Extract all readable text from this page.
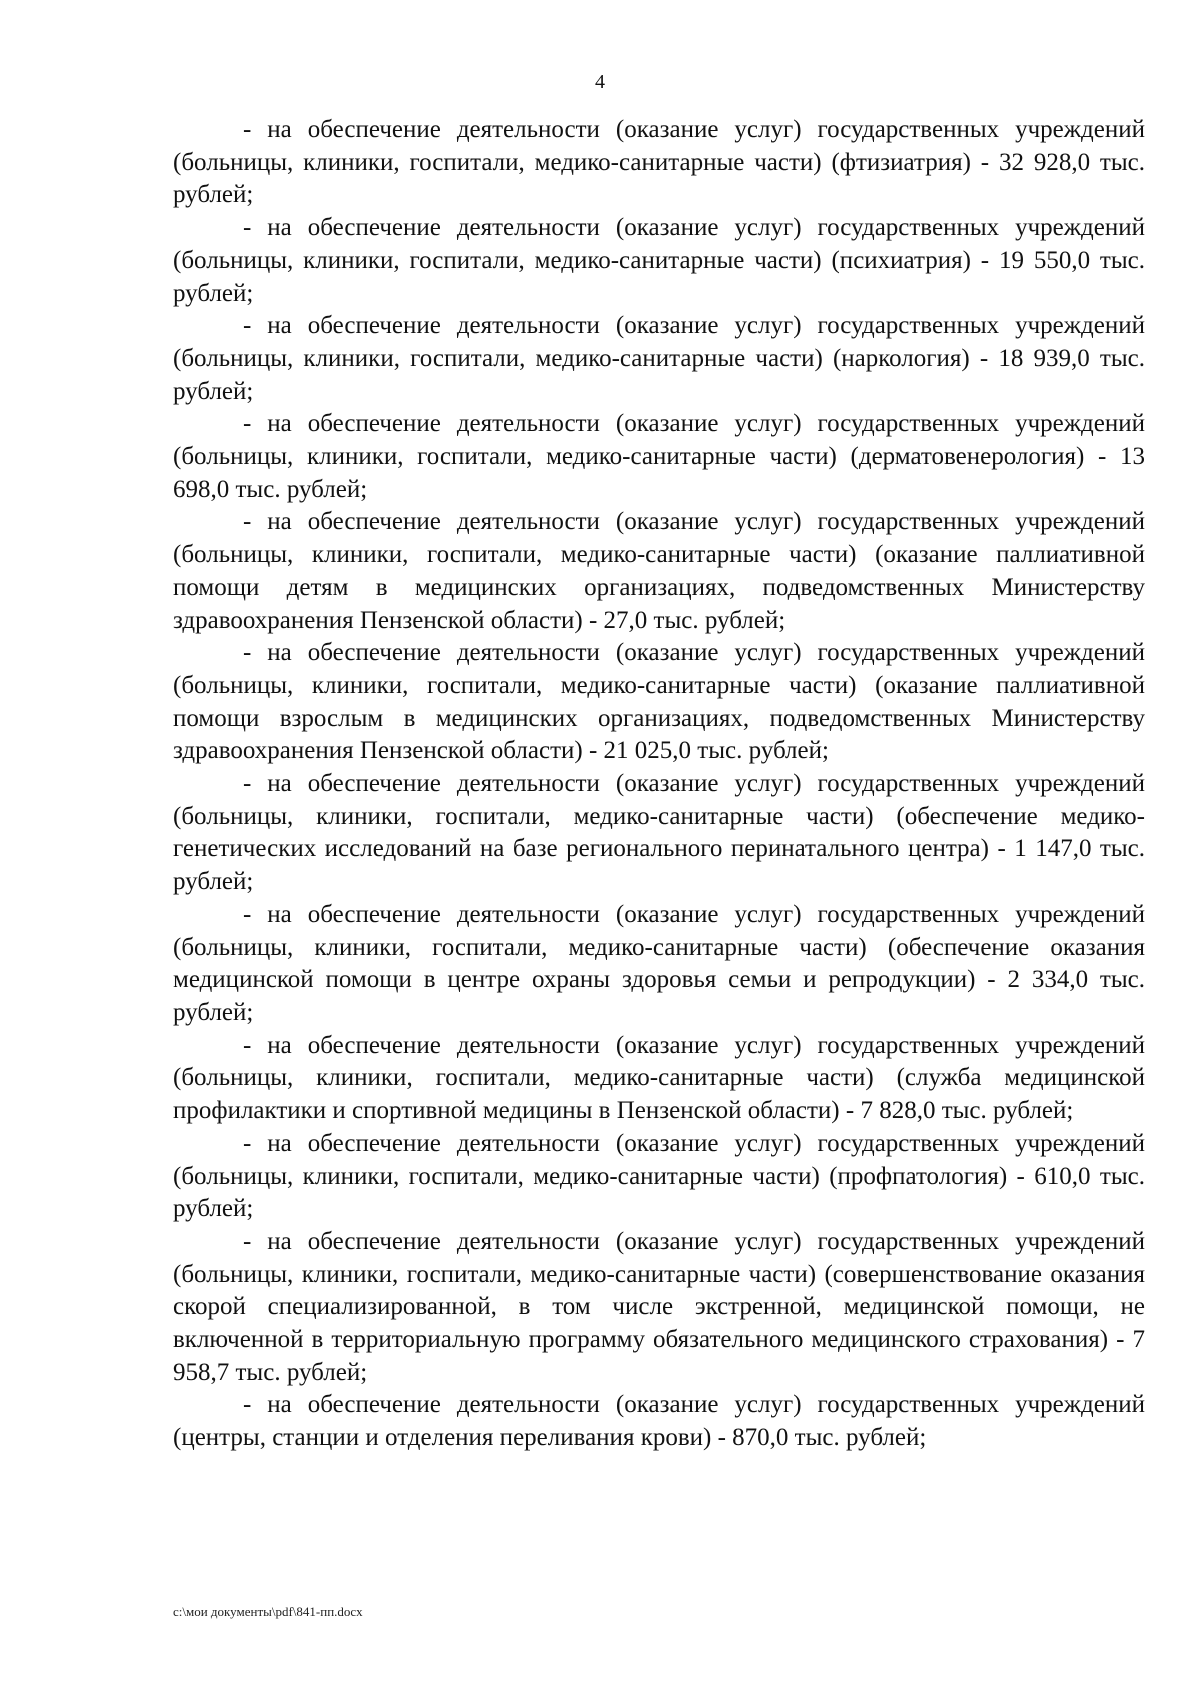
4

- на обеспечение деятельности (оказание услуг) государственных учреждений (больницы, клиники, госпитали, медико-санитарные части) (фтизиатрия) - 32 928,0 тыс. рублей;

- на обеспечение деятельности (оказание услуг) государственных учреждений (больницы, клиники, госпитали, медико-санитарные части) (психиатрия) - 19 550,0 тыс. рублей;

- на обеспечение деятельности (оказание услуг) государственных учреждений (больницы, клиники, госпитали, медико-санитарные части) (наркология) - 18 939,0 тыс. рублей;

- на обеспечение деятельности (оказание услуг) государственных учреждений (больницы, клиники, госпитали, медико-санитарные части) (дерматовенерология) - 13 698,0 тыс. рублей;

- на обеспечение деятельности (оказание услуг) государственных учреждений (больницы, клиники, госпитали, медико-санитарные части) (оказание паллиативной помощи детям в медицинских организациях, подведомственных Министерству здравоохранения Пензенской области) - 27,0 тыс. рублей;

- на обеспечение деятельности (оказание услуг) государственных учреждений (больницы, клиники, госпитали, медико-санитарные части) (оказание паллиативной помощи взрослым в медицинских организациях, подведомственных Министерству здравоохранения Пензенской области) - 21 025,0 тыс. рублей;

- на обеспечение деятельности (оказание услуг) государственных учреждений (больницы, клиники, госпитали, медико-санитарные части) (обеспечение медико-генетических исследований на базе регионального перинатального центра) - 1 147,0 тыс. рублей;

- на обеспечение деятельности (оказание услуг) государственных учреждений (больницы, клиники, госпитали, медико-санитарные части) (обеспечение оказания медицинской помощи в центре охраны здоровья семьи и репродукции) - 2 334,0 тыс. рублей;

- на обеспечение деятельности (оказание услуг) государственных учреждений (больницы, клиники, госпитали, медико-санитарные части) (служба медицинской профилактики и спортивной медицины в Пензенской области) - 7 828,0 тыс. рублей;

- на обеспечение деятельности (оказание услуг) государственных учреждений (больницы, клиники, госпитали, медико-санитарные части) (профпатология) - 610,0 тыс. рублей;

- на обеспечение деятельности (оказание услуг) государственных учреждений (больницы, клиники, госпитали, медико-санитарные части) (совершенствование оказания скорой специализированной, в том числе экстренной, медицинской помощи, не включенной в территориальную программу обязательного медицинского страхования) - 7 958,7 тыс. рублей;

- на обеспечение деятельности (оказание услуг) государственных учреждений (центры, станции и отделения переливания крови) - 870,0 тыс. рублей;

c:\мои документы\pdf\841-пп.docx
